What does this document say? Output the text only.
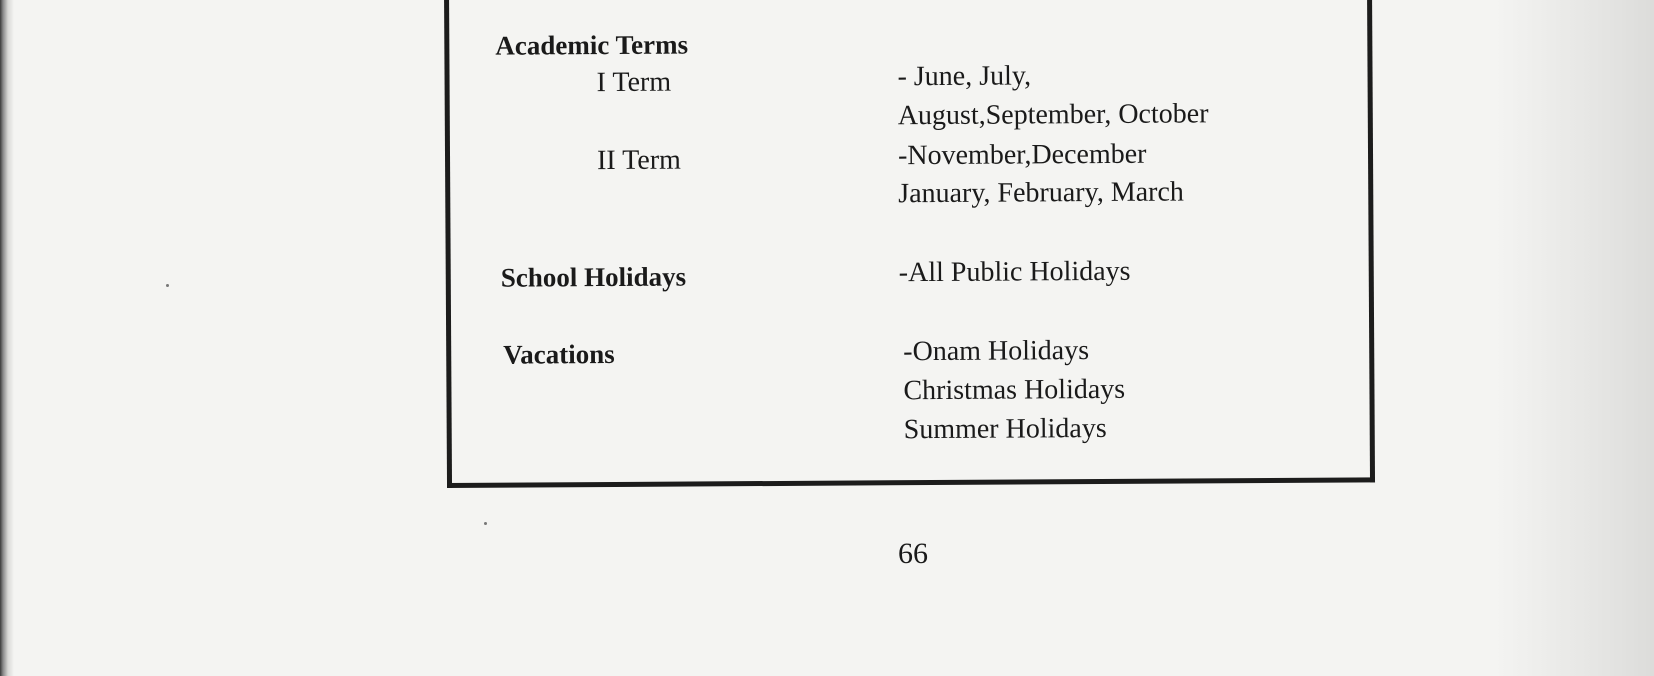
Academic Terms
I Term	- June, July,
August,September, October
II Term	-November,December
January, February, March
School Holidays	-All Public Holidays
Vacations	-Onam Holidays
Christmas Holidays
Summer Holidays
66
